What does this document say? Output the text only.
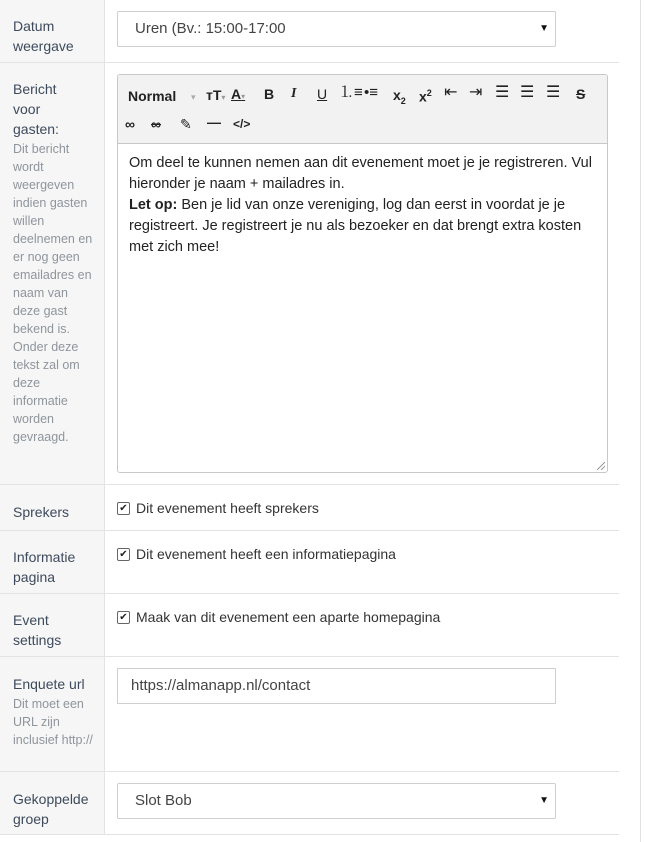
Datum weergave
Uren (Bv.: 15:00-17:00	▼
Bericht voor gasten:
Dit bericht wordt weergeven indien gasten willen deelnemen en er nog geen emailadres en naam van deze gast bekend is. Onder deze tekst zal om deze informatie worden gevraagd.
Normal ▾ тT▾ A▾ B I U ⒈≡ •≡ $x_2$ $x^2$ ⇤ ⇥ ☰ ☰ ☰ S
∞ ∞ ✎ — </>
Om deel te kunnen nemen aan dit evenement moet je je registreren. Vul hieronder je naam + mailadres in.
Let op: Ben je lid van onze vereniging, log dan eerst in voordat je je registreert. Je registreert je nu als bezoeker en dat brengt extra kosten met zich mee!
Sprekers	✔ Dit evenement heeft sprekers
Informatie pagina
✔ Dit evenement heeft een informatiepagina
Event settings
✔ Maak van dit evenement een aparte homepagina
Enquete url
Dit moet een URL zijn inclusief http://
https://almanapp.nl/contact
Gekoppelde groep
Slot Bob	▼
